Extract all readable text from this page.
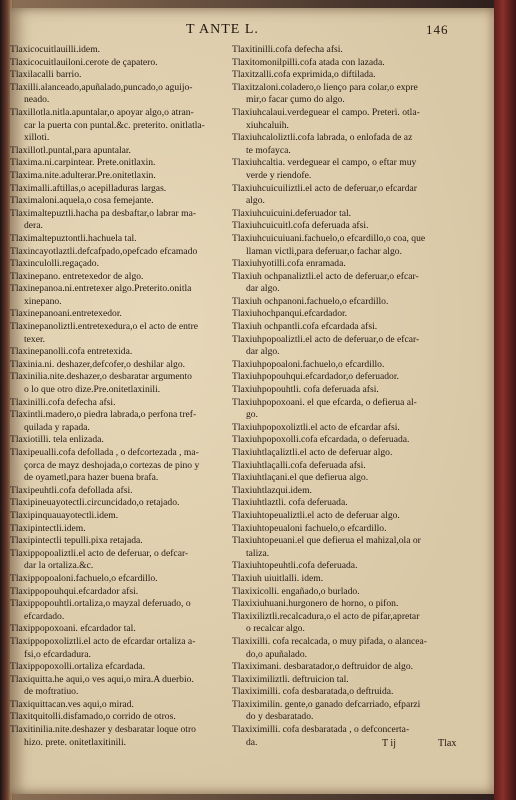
T ANTE L.	146
Tlaxicocuitlauilli.idem.
Tlaxicocuitlauiloni.cerote de çapatero.
Tlaxilacalli barrio.
Tlaxilli.alanceado,apuñalado,puncado,o aguijo-
neado.
Tlaxillotla.nitla.apuntalar,o apoyar algo,o atran-
car la puerta con puntal.&c. preterito. onitlatla-
xillotì.
Tlaxillotl.puntal,para apuntalar.
Tlaxima.ni.carpintear. Prete.onitlaxin.
Tlaxima.nite.adulterar.Pre.onitetlaxin.
Tlaximalli.aftillas,o acepilladuras largas.
Tlaximaloni.aquela,o cosa femejante.
Tlaximaltepuztli.hacha pa desbaftar,o labrar ma-
dera.
Tlaximaltepuztontli.hachuela tal.
Tlaxincayotlaztli.defcafpado,opefcado efcamado
Tlaxinculolli.regaçado.
Tlaxinepano. entretexedor de algo.
Tlaxinepanoa.ni.entretexer algo.Preterito.onitla
xinepano.
Tlaxinepanoani.entretexedor.
Tlaxinepanoliztli.entretexedura,o el acto de entre
texer.
Tlaxinepanolli.cofa entretexida.
Tlaxinia.ni. deshazer,defcofer,o deshilar algo.
Tlaxinilia.nite.deshazer,o desbaratar argumento
o lo que otro dize.Pre.onitetlaxinili.
Tlaxinilli.cofa defecha afsi.
Tlaxintli.madero,o piedra labrada,o perfona tref-
quilada y rapada.
Tlaxiotilli. tela enlizada.
Tlaxipeualli.cofa defollada , o defcortezada , ma-
çorca de mayz deshojada,o cortezas de pino y
de oyametl,para hazer buena brafa.
Tlaxipeuhtli.cofa defollada afsi.
Tlaxipineuayotectli.circuncidado,o retajado.
Tlaxipinquauayotectli.idem.
Tlaxipintectli.idem.
Tlaxipintectli tepulli.pixa retajada.
Tlaxippopoaliztli.el acto de deferuar, o defcar-
dar la ortaliza.&c.
Tlaxippopoaloni.fachuelo,o efcardillo.
Tlaxippopouhqui.efcardador afsi.
Tlaxippopouhtli.ortaliza,o mayzal deferuado, o
efcardado.
Tlaxippopoxoani. efcardador tal.
Tlaxippopoxoliztli.el acto de efcardar ortaliza a-
fsi,o efcardadura.
Tlaxippopoxolli.ortaliza efcardada.
Tlaxiquitta.he aqui,o ves aqui,o mira.A duerbio.
de moftratiuo.
Tlaxiquittacan.ves aqui,o mirad.
Tlaxitquitolli.disfamado,o corrido de otros.
Tlaxitinilia.nite.deshazer y desbaratar loque otro
hizo. prete. onitetlaxitinili.
Tlaxitinilli.cofa defecha afsi.
Tlaxitomonilpilli.cofa atada con lazada.
Tlaxitzalli.cofa exprimida,o diftilada.
Tlaxitzaloni.coladero,o lienço para colar,o expre
mir,o facar çumo do algo.
Tlaxiuhcalaui.verdeguear el campo. Preteri. otla-
xiuhcaluih.
Tlaxiuhcaloliztli.cofa labrada, o enlofada de az
te mofayca.
Tlaxiuhcaltia. verdeguear el campo, o eftar muy
verde y riendofe.
Tlaxiuhcuicuiliztli.el acto de deferuar,o efcardar
algo.
Tlaxiuhcuicuini.deferuador tal.
Tlaxiuhcuicuitl.cofa deferuada afsi.
Tlaxiuhcuicuiuani.fachuelo,o efcardillo,o coa, que
llaman victli,para deferuar,o fachar algo.
Tlaxiuhyotilli.cofa enramada.
Tlaxiuh ochpanaliztli.el acto de deferuar,o efcar-
dar algo.
Tlaxiuh ochpanoni.fachuelo,o efcardillo.
Tlaxiuhochpanqui.efcardador.
Tlaxiuh ochpantli.cofa efcardada afsi.
Tlaxiuhpopoaliztli.el acto de deferuar,o de efcar-
dar algo.
Tlaxiuhpopoaloni.fachuelo,o efcardillo.
Tlaxiuhpopouhqui.efcardador,o deferuador.
Tlaxiuhpopouhtli. cofa deferuada afsi.
Tlaxiuhpopoxoani. el que efcarda, o defierua al-
go.
Tlaxiuhpopoxoliztli.el acto de efcardar afsi.
Tlaxiuhpopoxolli.cofa efcardada, o deferuada.
Tlaxiuhtlaçaliztli.el acto de deferuar algo.
Tlaxiuhtlaçalli.cofa deferuada afsi.
Tlaxiuhtlaçani.el que defierua algo.
Tlaxiuhtlazqui.idem.
Tlaxiuhtlaztli. cofa deferuada.
Tlaxiuhtopeualiztli.el acto de deferuar algo.
Tlaxiuhtopeualoni fachuelo,o efcardillo.
Tlaxiuhtopeuani.el que defierua el mahizal,ola or
taliza.
Tlaxiuhtopeuhtli.cofa deferuada.
Tlaxiuh uiuitlalli. idem.
Tlaxixicolli. engañado,o burlado.
Tlaxixiuhuani.hurgonero de horno, o pifon.
Tlaxixiliztli.recalcadura,o el acto de pifar,apretar
o recalcar algo.
Tlaxixilli. cofa recalcada, o muy pifada, o alancea-
do,o apuñalado.
Tlaxiximani. desbaratador,o deftruidor de algo.
Tlaxiximiliztli. deftruicion tal.
Tlaxiximilli. cofa desbaratada,o deftruida.
Tlaxiximilin. gente,o ganado defcarriado, efparzi
do y desbaratado.
Tlaxiximilli. cofa desbaratada , o defconcerta-
da.	T ij	Tlax
